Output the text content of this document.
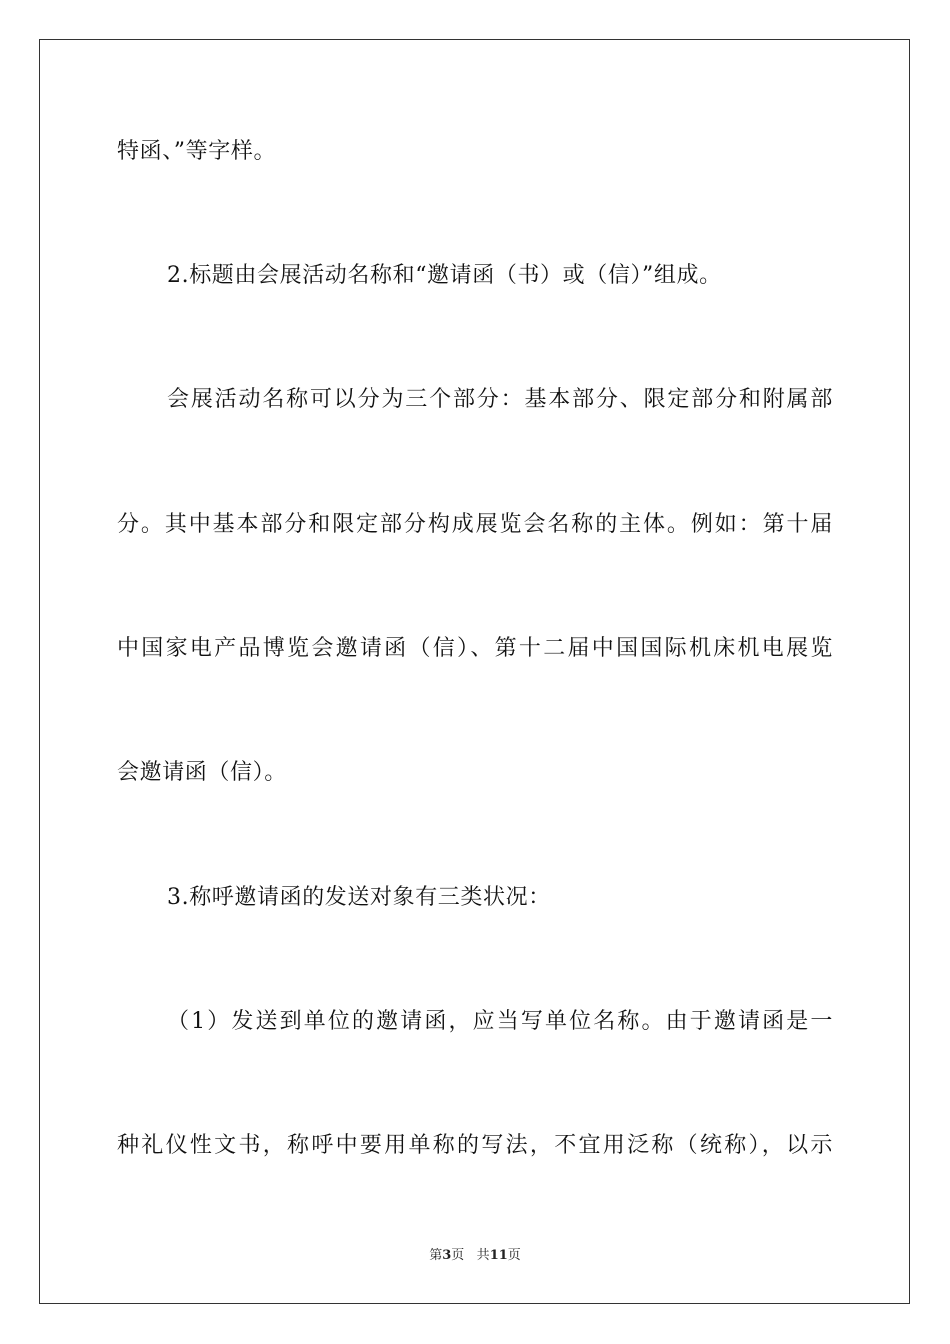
特函、”等字样。
2.标题由会展活动名称和“邀请函（书）或（信）”组成。
会展活动名称可以分为三个部分：基本部分、限定部分和附属部
分。其中基本部分和限定部分构成展览会名称的主体。例如：第十届
中国家电产品博览会邀请函（信）、第十二届中国国际机床机电展览
会邀请函（信）。
3.称呼邀请函的发送对象有三类状况：
（1）发送到单位的邀请函，应当写单位名称。由于邀请函是一
种礼仪性文书，称呼中要用单称的写法，不宜用泛称（统称），以示
第3页 共11页
